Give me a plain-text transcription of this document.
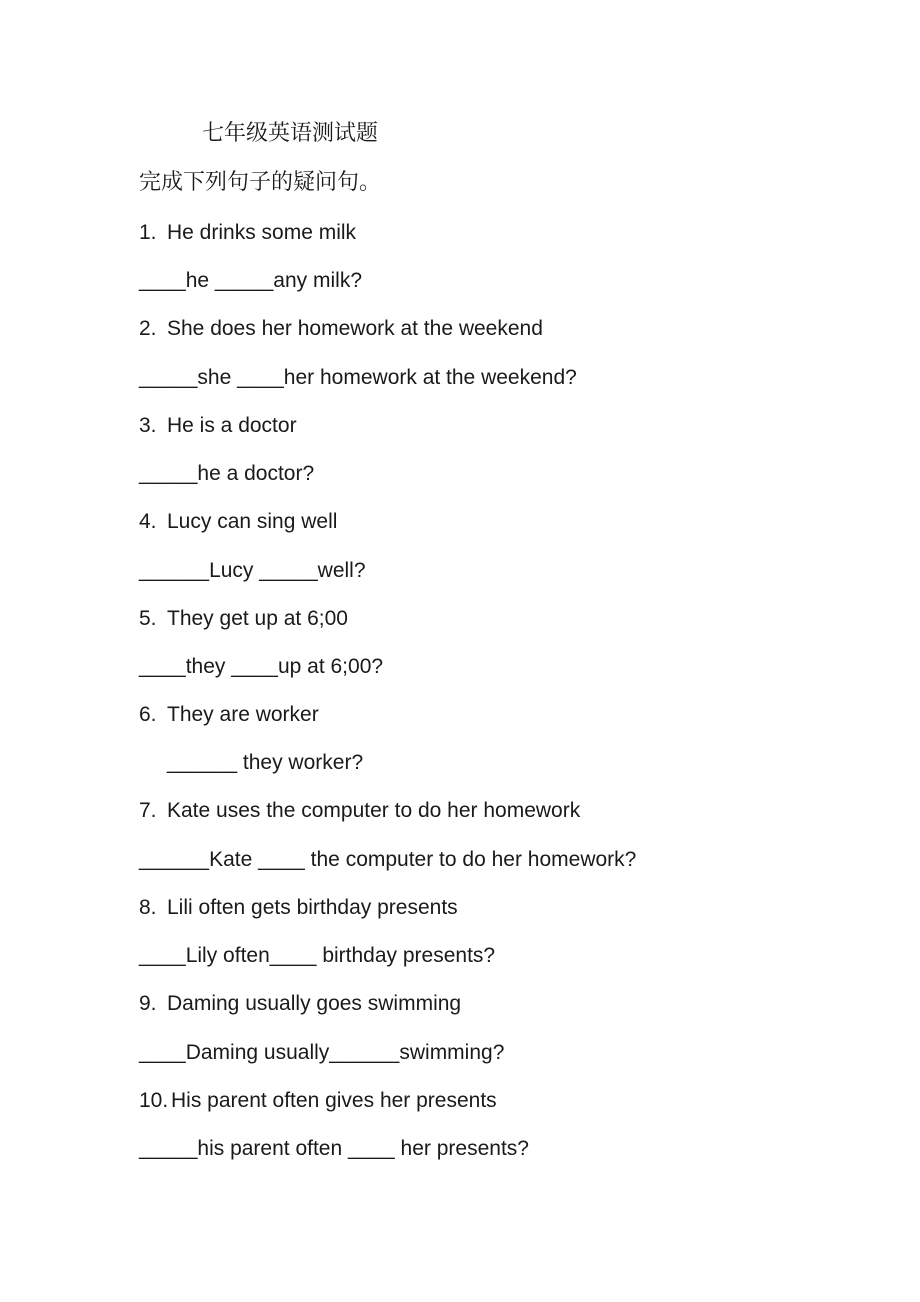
七年级英语测试题
完成下列句子的疑问句。
1. He drinks some milk
____he _____any milk?
2. She does her homework at the weekend
_____she ____her homework at the weekend?
3. He is a doctor
_____he a doctor?
4. Lucy can sing well
______Lucy _____well?
5. They get up at 6;00
____they ____up at 6;00?
6. They are worker
______ they worker?
7. Kate uses the computer to do her homework
______Kate ____ the computer to do her homework?
8. Lili often gets birthday presents
____Lily often____ birthday presents?
9. Daming usually goes swimming
____Daming usually______swimming?
10. His parent often gives her presents
_____his parent often ____ her presents?
